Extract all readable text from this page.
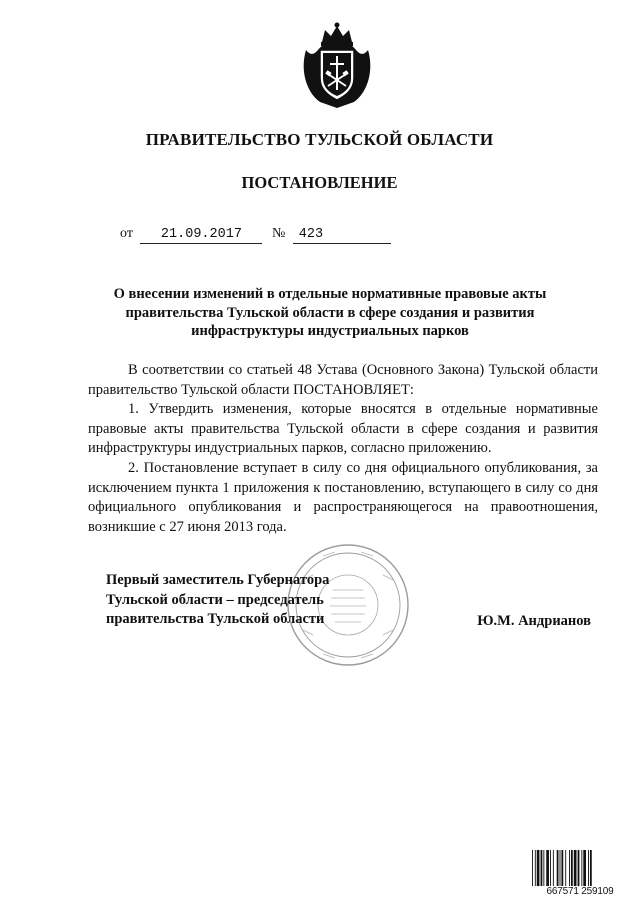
ПРАВИТЕЛЬСТВО ТУЛЬСКОЙ ОБЛАСТИ
ПОСТАНОВЛЕНИЕ
от 21.09.2017 № 423
О внесении изменений в отдельные нормативные правовые акты
правительства Тульской области в сфере создания и развития
инфраструктуры индустриальных парков

В соответствии со статьей 48 Устава (Основного Закона) Тульской области правительство Тульской области ПОСТАНОВЛЯЕТ:

1. Утвердить изменения, которые вносятся в отдельные нормативные правовые акты правительства Тульской области в сфере создания и развития инфраструктуры индустриальных парков, согласно приложению.

2. Постановление вступает в силу со дня официального опубликования, за исключением пункта 1 приложения к постановлению, вступающего в силу со дня официального опубликования и распространяющегося на правоотношения, возникшие с 27 июня 2013 года.

Первый заместитель Губернатора
Тульской области – председатель
правительства Тульской области	Ю.М. Андрианов
667571 259109
